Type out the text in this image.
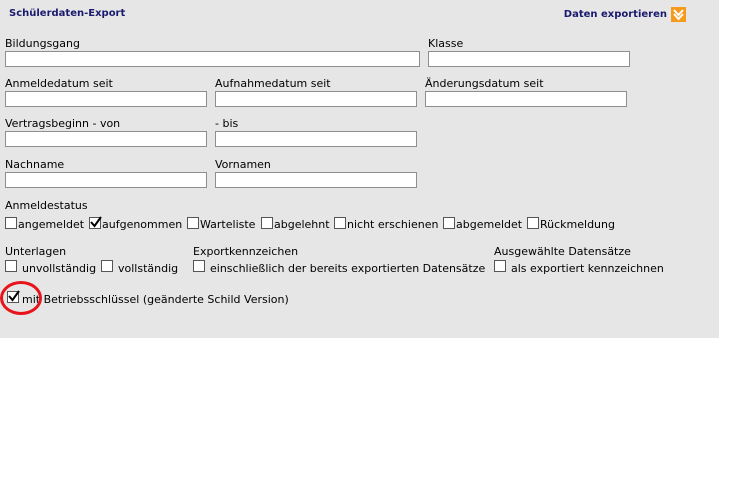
Schülerdaten-Export	Daten exportieren
Bildungsgang	Klasse
Anmeldedatum seit	Aufnahmedatum seit	Änderungsdatum seit
Vertragsbeginn - von	- bis
Nachname	Vornamen
Anmeldestatus
angemeldet aufgenommen Warteliste abgelehnt nicht erschienen abgemeldet Rückmeldung
Unterlagen
unvollständig vollständig
Exportkennzeichen
einschließlich der bereits exportierten Datensätze
Ausgewählte Datensätze
als exportiert kennzeichnen
mit Betriebsschlüssel (geänderte Schild Version)
